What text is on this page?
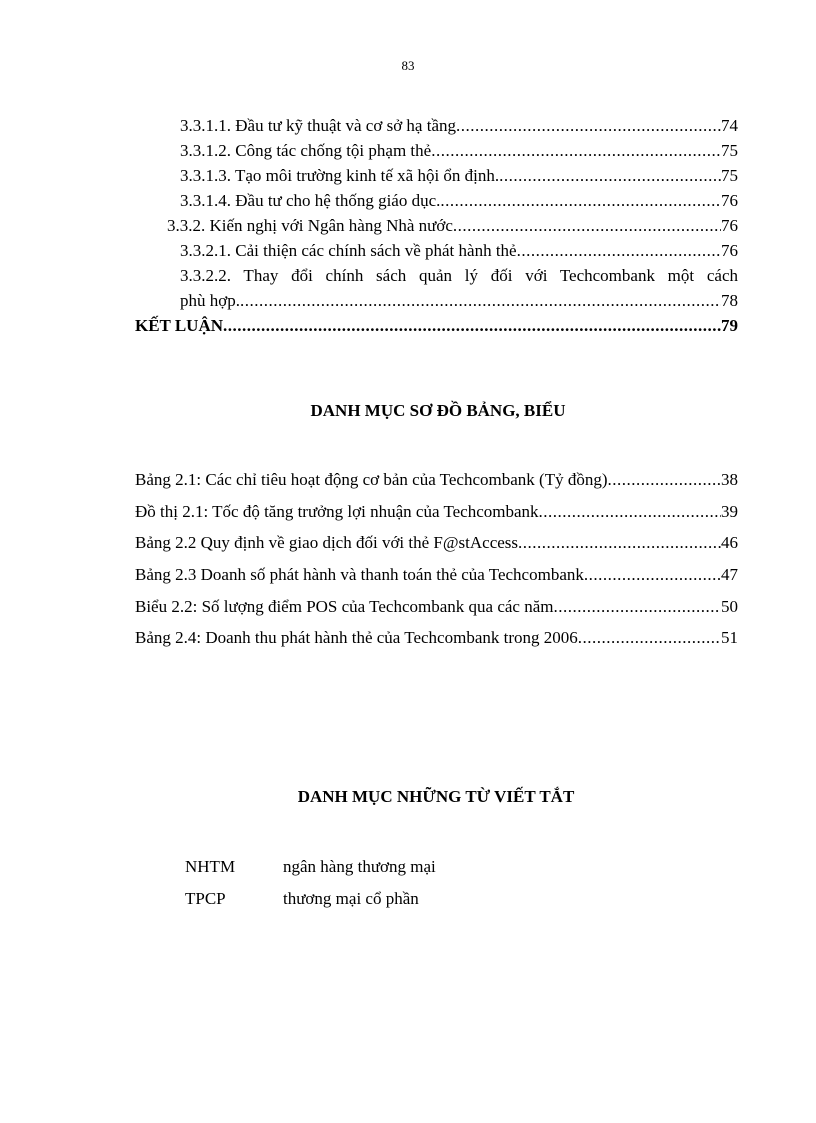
83
3.3.1.1. Đầu tư kỹ thuật và cơ sở hạ tầng .....	74
3.3.1.2. Công tác chống tội phạm thẻ .....	75
3.3.1.3. Tạo môi trường kinh tế xã hội ổn định. .....	75
3.3.1.4. Đầu tư cho hệ thống giáo dục. .....	76
3.3.2. Kiến nghị với Ngân hàng Nhà nước .....	76
3.3.2.1. Cải thiện các chính sách về phát hành thẻ .....	76
3.3.2.2. Thay đổi chính sách quản lý đối với Techcombank một cách
phù hợp. .....	78
KẾT LUẬN .....	79
DANH MỤC SƠ ĐỒ BẢNG, BIỂU
Bảng 2.1: Các chỉ tiêu hoạt động cơ bản của Techcombank (Tỷ đồng) .....	38
Đồ thị 2.1: Tốc độ tăng trưởng lợi nhuận của Techcombank .....	39
Bảng 2.2 Quy định về giao dịch đối với thẻ F@stAccess .....	46
Bảng 2.3 Doanh số phát hành và thanh toán thẻ của Techcombank .....	47
Biểu 2.2: Số lượng điểm POS của Techcombank qua các năm .....	50
Bảng 2.4: Doanh thu phát hành thẻ của Techcombank trong 2006 .....	51
DANH MỤC NHỮNG TỪ VIẾT TẮT
NHTM	ngân hàng thương mại
TPCP	thương mại cổ phần
